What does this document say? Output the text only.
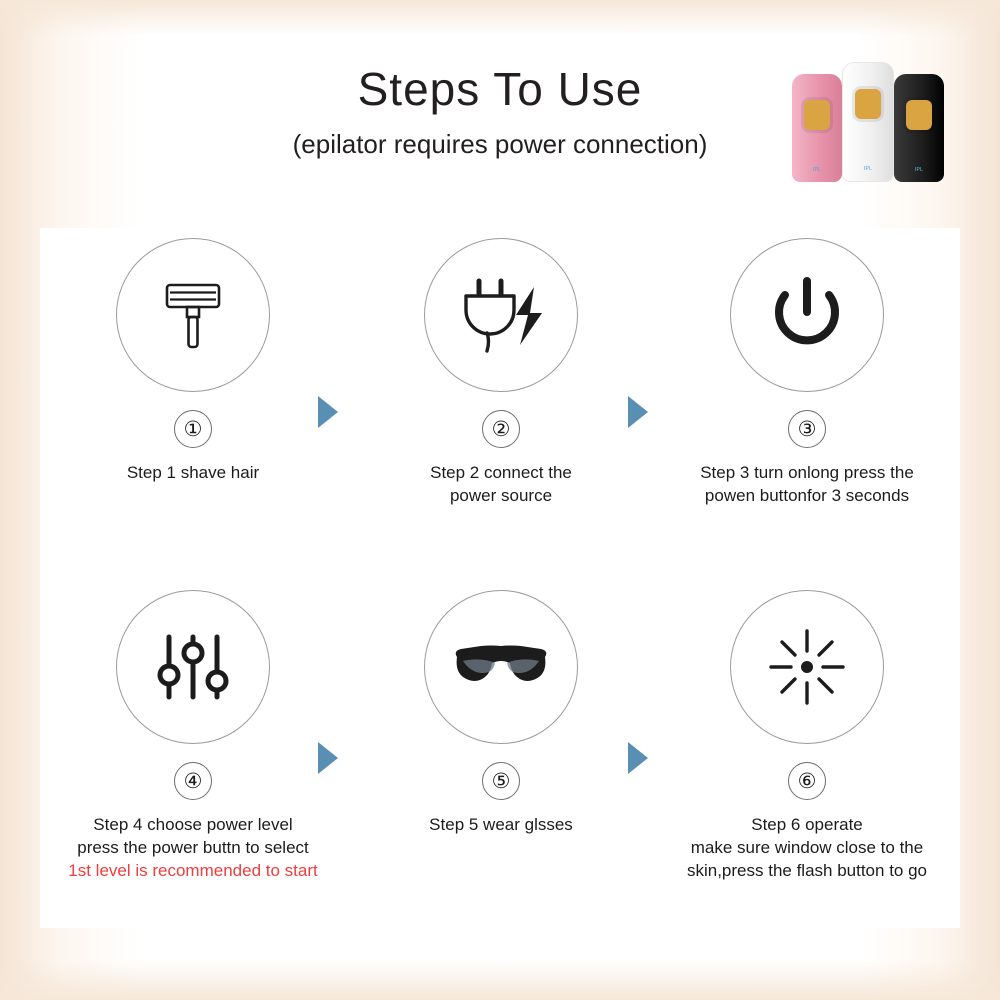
Steps To Use
(epilator requires power connection)
IPL	IPL	IPL
①
Step 1 shave hair
②
Step 2 connect the
power source
③
Step 3 turn onlong press the
powen buttonfor 3 seconds
④
Step 4 choose power level
press the power buttn to select
1st level is recommended to start
⑤
Step 5 wear glsses
⑥
Step 6 operate
make sure window close to the
skin,press the flash button to go
